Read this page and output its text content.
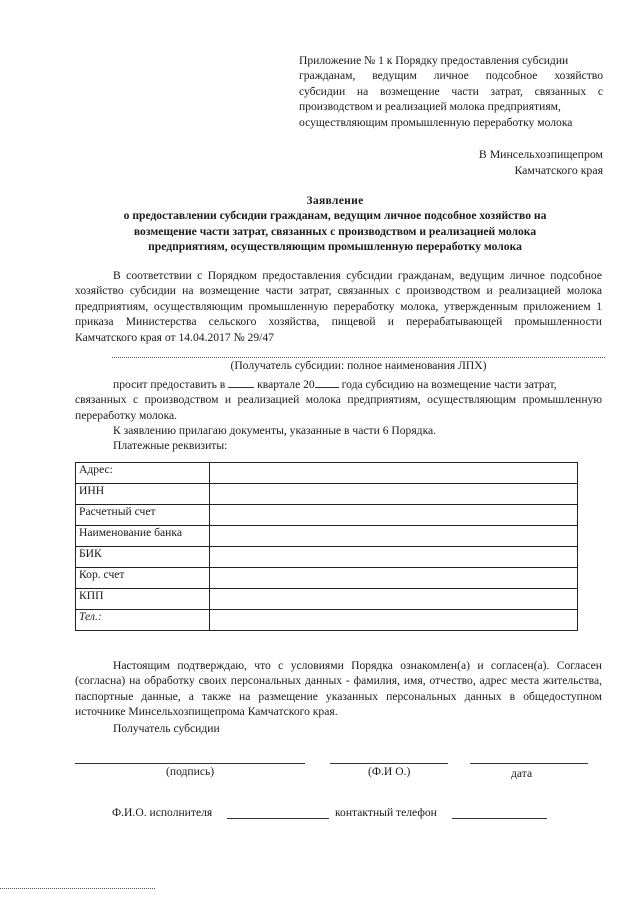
Приложение № 1 к Порядку предоставления субсидии
гражданам, ведущим личное подсобное хозяйство
субсидии на возмещение части затрат, связанных с
производством и реализацией молока предприятиям,
осуществляющим промышленную переработку молока
В Минсельхозпищепром
Камчатского края
Заявление
о предоставлении субсидии гражданам, ведущим личное подсобное хозяйство на
возмещение части затрат, связанных с производством и реализацией молока
предприятиям, осуществляющим промышленную переработку молока
В соответствии с Порядком предоставления субсидии гражданам, ведущим личное подсобное хозяйство субсидии на возмещение части затрат, связанных с производством и реализацией молока предприятиям, осуществляющим промышленную переработку молока, утвержденным приложением 1 приказа Министерства сельского хозяйства, пищевой и перерабатывающей промышленности Камчатского края от 14.04.2017 № 29/47
(Получатель субсидии: полное наименования ЛПХ)
просит предоставить в	квартале 20 года субсидию на возмещение части затрат,
связанных с производством и реализацией молока предприятиям, осуществляющим промышленную переработку молока.
К заявлению прилагаю документы, указанные в части 6 Порядка.
Платежные реквизиты:
Адрес:	
ИНН	
Расчетный счет	
Наименование банка	
БИК	
Кор. счет	
КПП	
Тел.:	
Настоящим подтверждаю, что с условиями Порядка ознакомлен(а) и согласен(а). Согласен (согласна) на обработку своих персональных данных - фамилия, имя, отчество, адрес места жительства, паспортные данные, а также на размещение указанных персональных данных в общедоступном источнике Минсельхозпищепрома Камчатского края.
Получатель субсидии
(подпись)	(Ф.И О.)	дата
Ф.И.О. исполнителя	контактный телефон
